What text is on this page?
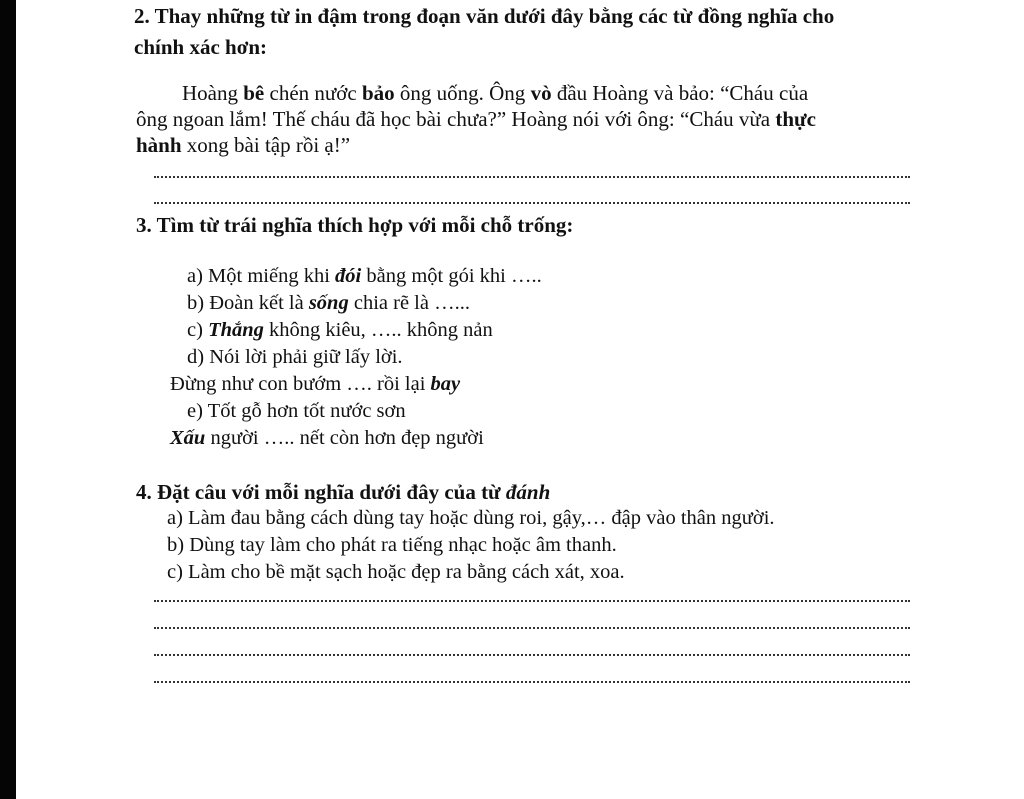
2. Thay những từ in đậm trong đoạn văn dưới đây bằng các từ đồng nghĩa cho
chính xác hơn:
Hoàng bê chén nước bảo ông uống. Ông vò đầu Hoàng và bảo: “Cháu của
ông ngoan lắm! Thế cháu đã học bài chưa?” Hoàng nói với ông: “Cháu vừa thực
hành xong bài tập rồi ạ!”
3. Tìm từ trái nghĩa thích hợp với mỗi chỗ trống:
a) Một miếng khi đói bằng một gói khi …..
b) Đoàn kết là sống chia rẽ là …...
c) Thắng không kiêu, ….. không nản
d) Nói lời phải giữ lấy lời.
Đừng như con bướm …. rồi lại bay
e) Tốt gỗ hơn tốt nước sơn
Xấu người ….. nết còn hơn đẹp người
4. Đặt câu với mỗi nghĩa dưới đây của từ đánh
a) Làm đau bằng cách dùng tay hoặc dùng roi, gậy,… đập vào thân người.
b) Dùng tay làm cho phát ra tiếng nhạc hoặc âm thanh.
c) Làm cho bề mặt sạch hoặc đẹp ra bằng cách xát, xoa.
